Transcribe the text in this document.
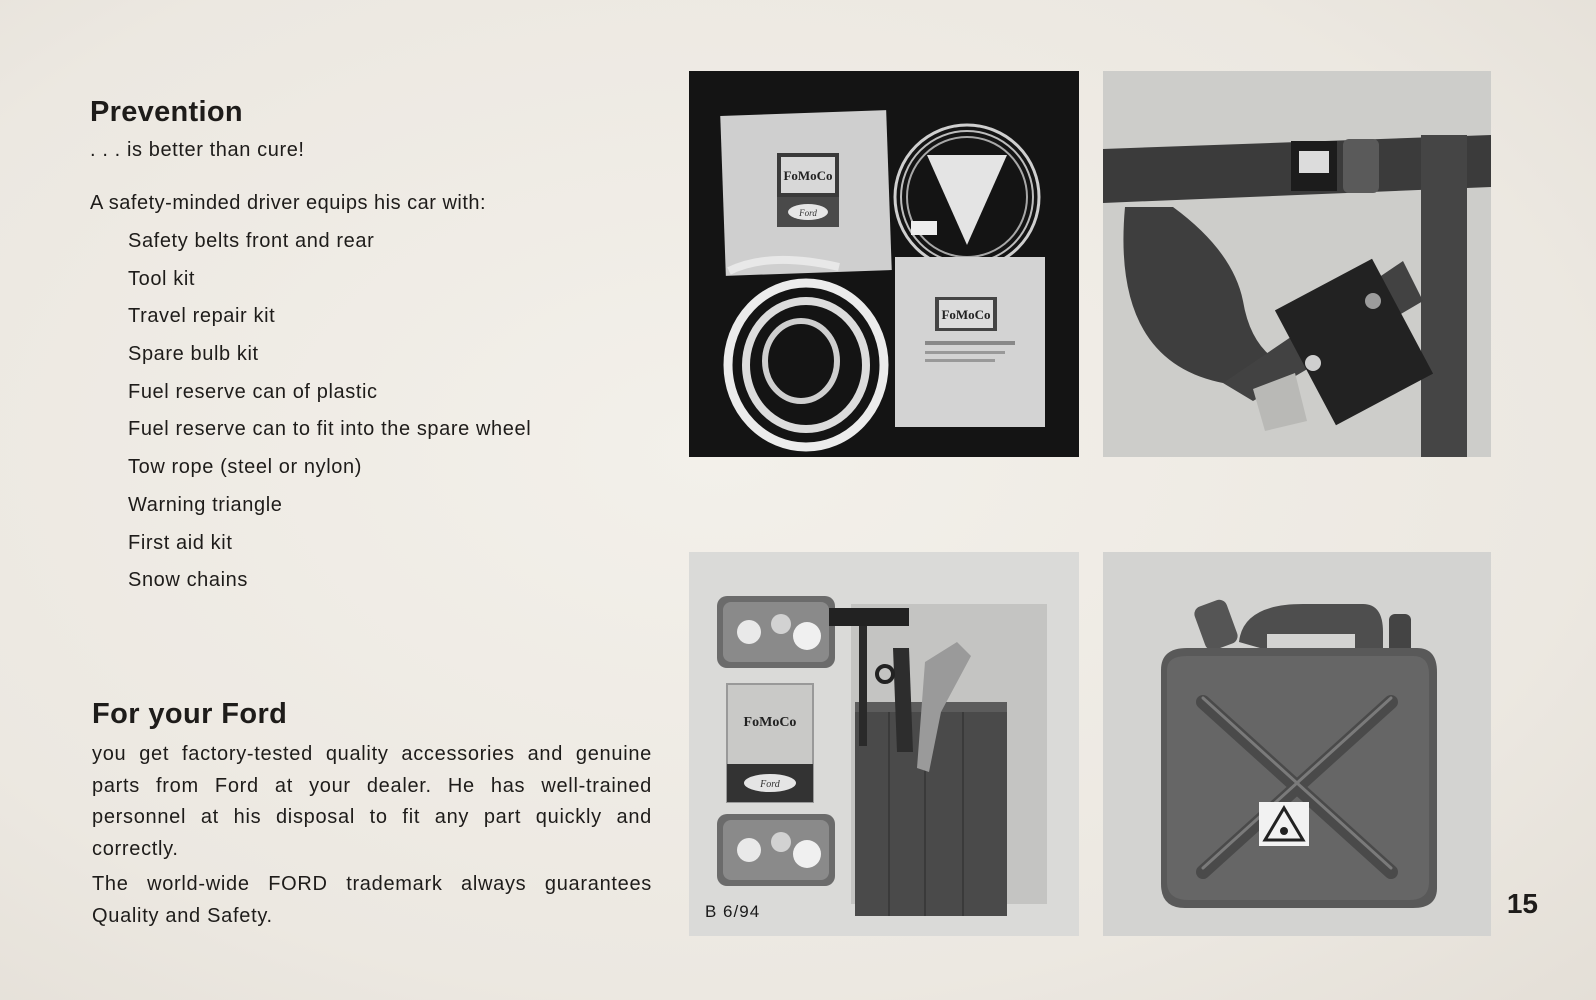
Prevention

. . . is better than cure!

A safety-minded driver equips his car with:

Safety belts front and rear
Tool kit
Travel repair kit
Spare bulb kit
Fuel reserve can of plastic
Fuel reserve can to fit into the spare wheel
Tow rope (steel or nylon)
Warning triangle
First aid kit
Snow chains
For your Ford

you get factory-tested quality accessories and genuine parts from Ford at your dealer. He has well-trained personnel at his disposal to fit any part quickly and correctly.

The world-wide FORD trademark always guarantees Quality and Safety.

FoMoCo
Ford
FoMoCo
FoMoCo
Ford
B 6/94	15
